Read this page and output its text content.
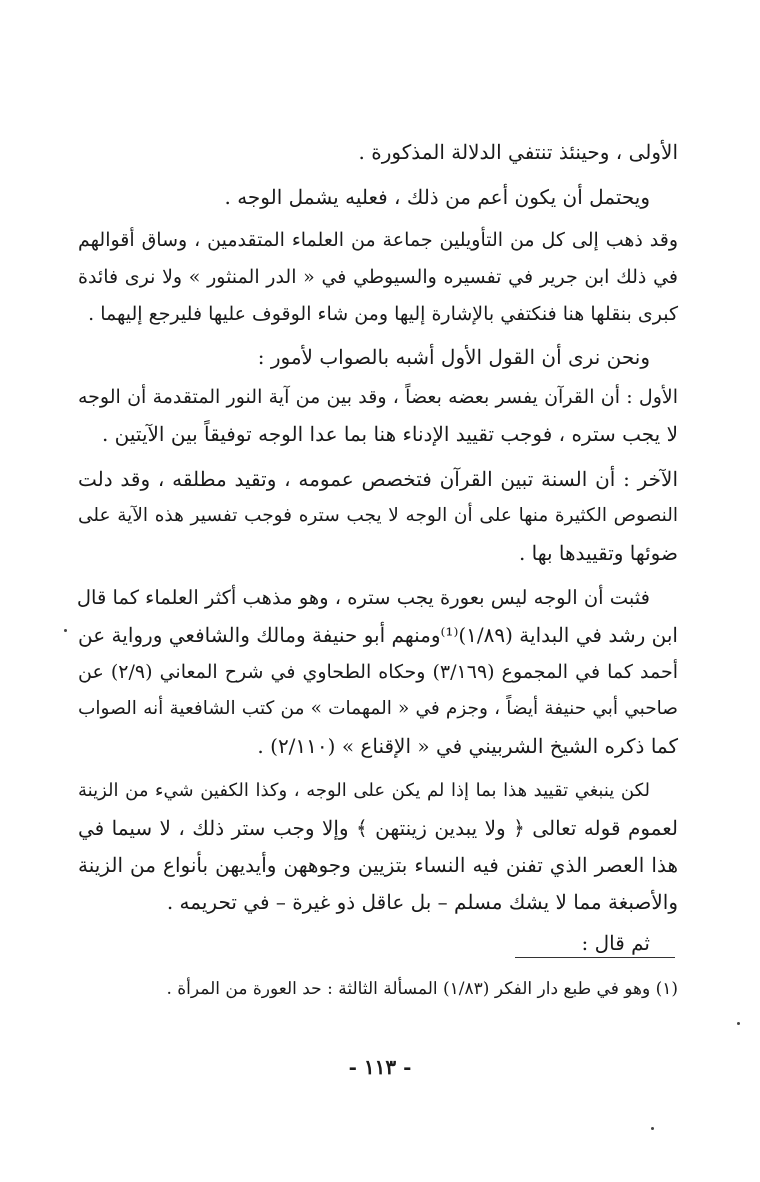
الأولى ، وحينئذ تنتفي الدلالة المذكورة .
ويحتمل أن يكون أعم من ذلك ، فعليه يشمل الوجه .
وقد ذهب إلى كل من التأويلين جماعة من العلماء المتقدمين ، وساق أقوالهم
في ذلك ابن جرير في تفسيره والسيوطي في « الدر المنثور » ولا نرى فائدة
كبرى بنقلها هنا فنكتفي بالإشارة إليها ومن شاء الوقوف عليها فليرجع إليهما .
ونحن نرى أن القول الأول أشبه بالصواب لأمور :
الأول : أن القرآن يفسر بعضه بعضاً ، وقد بين من آية النور المتقدمة أن الوجه
لا يجب ستره ، فوجب تقييد الإدناء هنا بما عدا الوجه توفيقاً بين الآيتين .
الآخر : أن السنة تبين القرآن فتخصص عمومه ، وتقيد مطلقه ، وقد دلت
النصوص الكثيرة منها على أن الوجه لا يجب ستره فوجب تفسير هذه الآية على
ضوئها وتقييدها بها .
فثبت أن الوجه ليس بعورة يجب ستره ، وهو مذهب أكثر العلماء كما قال
ابن رشد في البداية (١/٨٩)⁽¹⁾ومنهم أبو حنيفة ومالك والشافعي ورواية عن
أحمد كما في المجموع (٣/١٦٩) وحكاه الطحاوي في شرح المعاني (٢/٩) عن
صاحبي أبي حنيفة أيضاً ، وجزم في « المهمات » من كتب الشافعية أنه الصواب
كما ذكره الشيخ الشربيني في « الإقناع » (٢/١١٠) .
لكن ينبغي تقييد هذا بما إذا لم يكن على الوجه ، وكذا الكفين شيء من الزينة
لعموم قوله تعالى ﴿ ولا يبدين زينتهن ﴾ وإلا وجب ستر ذلك ، لا سيما في
هذا العصر الذي تفنن فيه النساء بتزيين وجوههن وأيديهن بأنواع من الزينة
والأصبغة مما لا يشك مسلم – بل عاقل ذو غيرة – في تحريمه .
ثم قال :
(١) وهو في طبع دار الفكر (١/٨٣) المسألة الثالثة : حد العورة من المرأة .
- ١١٣ -
